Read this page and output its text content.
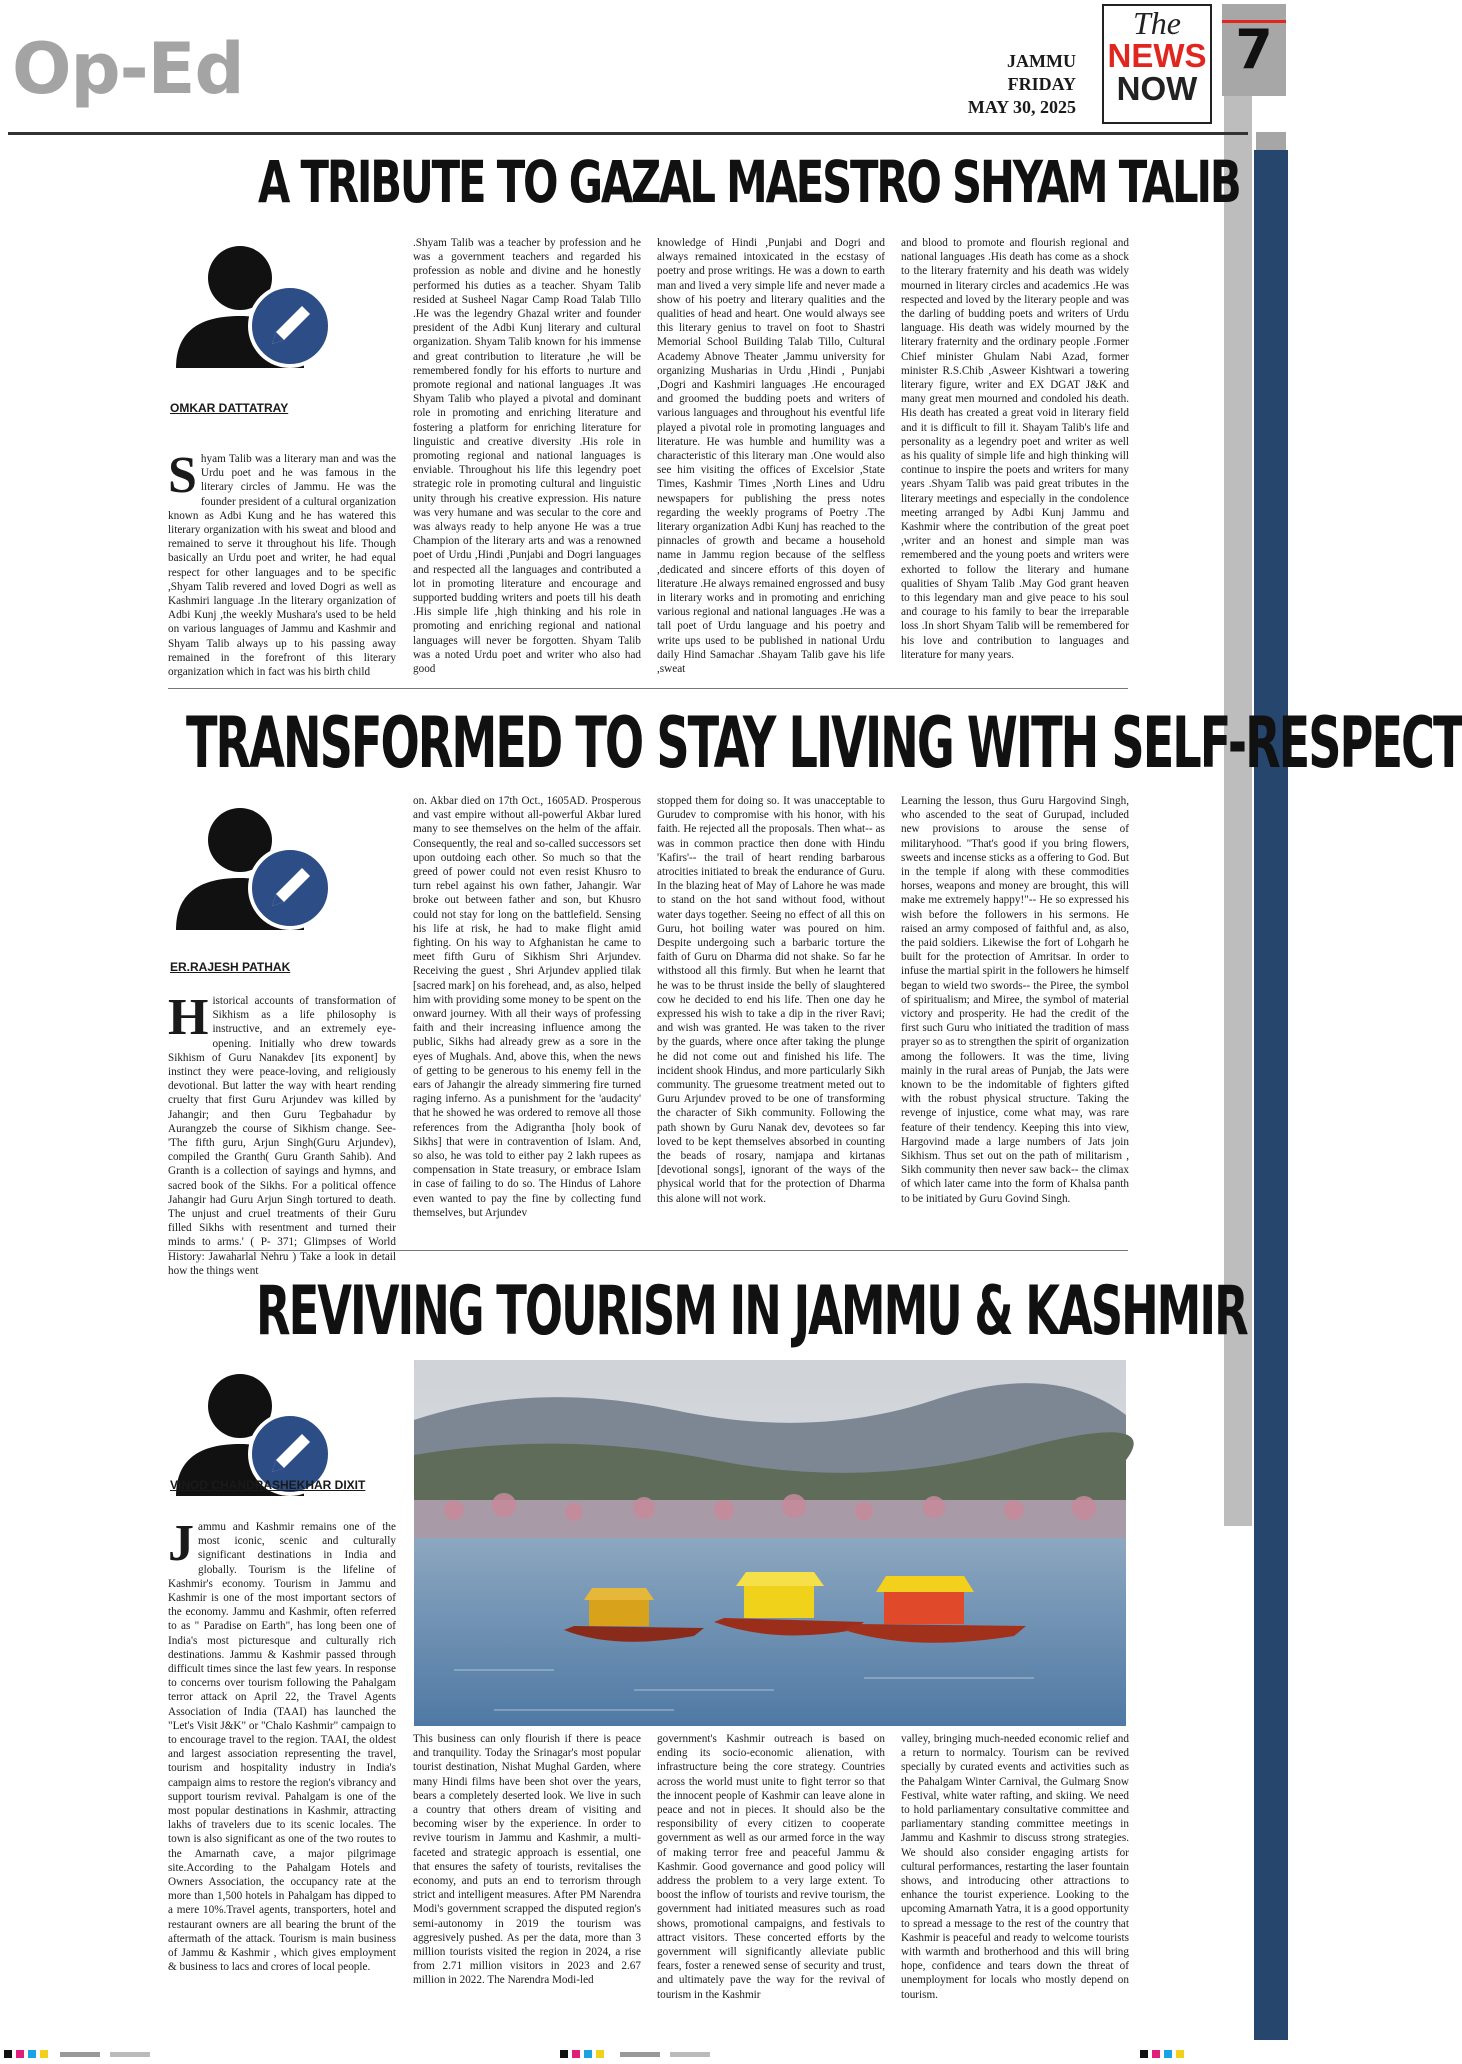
Op-Ed	JAMMU
FRIDAY
MAY 30, 2025
The
NEWS
NOW
7
A TRIBUTE TO GAZAL MAESTRO SHYAM TALIB
OMKAR DATTATRAY
Shyam Talib was a literary man and was the Urdu poet and he was famous in the literary circles of Jammu. He was the founder president of a cultural organization known as Adbi Kung and he has watered this literary organization with his sweat and blood and remained to serve it throughout his life. Though basically an Urdu poet and writer, he had equal respect for other languages and to be specific ,Shyam Talib revered and loved Dogri as well as Kashmiri language .In the literary organization of Adbi Kunj ,the weekly Mushara's used to be held on various languages of Jammu and Kashmir and Shyam Talib always up to his passing away remained in the forefront of this literary organization which in fact was his birth child
.Shyam Talib was a teacher by profession and he was a government teachers and regarded his profession as noble and divine and he honestly performed his duties as a teacher. Shyam Talib resided at Susheel Nagar Camp Road Talab Tillo .He was the legendry Ghazal writer and founder president of the Adbi Kunj literary and cultural organization. Shyam Talib known for his immense and great contribution to literature ,he will be remembered fondly for his efforts to nurture and promote regional and national languages .It was Shyam Talib who played a pivotal and dominant role in promoting and enriching literature and fostering a platform for enriching literature for linguistic and creative diversity .His role in promoting regional and national languages is enviable. Throughout his life this legendry poet strategic role in promoting cultural and linguistic unity through his creative expression. His nature was very humane and was secular to the core and was always ready to help anyone He was a true Champion of the literary arts and was a renowned poet of Urdu ,Hindi ,Punjabi and Dogri languages and respected all the languages and contributed a lot in promoting literature and encourage and supported budding writers and poets till his death .His simple life ,high thinking and his role in promoting and enriching regional and national languages will never be forgotten. Shyam Talib was a noted Urdu poet and writer who also had good
knowledge of Hindi ,Punjabi and Dogri and always remained intoxicated in the ecstasy of poetry and prose writings. He was a down to earth man and lived a very simple life and never made a show of his poetry and literary qualities and the qualities of head and heart. One would always see this literary genius to travel on foot to Shastri Memorial School Building Talab Tillo, Cultural Academy Abnove Theater ,Jammu university for organizing Musharias in Urdu ,Hindi , Punjabi ,Dogri and Kashmiri languages .He encouraged and groomed the budding poets and writers of various languages and throughout his eventful life played a pivotal role in promoting languages and literature. He was humble and humility was a characteristic of this literary man .One would also see him visiting the offices of Excelsior ,State Times, Kashmir Times ,North Lines and Udru newspapers for publishing the press notes regarding the weekly programs of Poetry .The literary organization Adbi Kunj has reached to the pinnacles of growth and became a household name in Jammu region because of the selfless ,dedicated and sincere efforts of this doyen of literature .He always remained engrossed and busy in literary works and in promoting and enriching various regional and national languages .He was a tall poet of Urdu language and his poetry and write ups used to be published in national Urdu daily Hind Samachar .Shayam Talib gave his life ,sweat
and blood to promote and flourish regional and national languages .His death has come as a shock to the literary fraternity and his death was widely mourned in literary circles and academics .He was respected and loved by the literary people and was the darling of budding poets and writers of Urdu language. His death was widely mourned by the literary fraternity and the ordinary people .Former Chief minister Ghulam Nabi Azad, former minister R.S.Chib ,Asweer Kishtwari a towering literary figure, writer and EX DGAT J&K and many great men mourned and condoled his death. His death has created a great void in literary field and it is difficult to fill it. Shayam Talib's life and personality as a legendry poet and writer as well as his quality of simple life and high thinking will continue to inspire the poets and writers for many years .Shyam Talib was paid great tributes in the literary meetings and especially in the condolence meeting arranged by Adbi Kunj Jammu and Kashmir where the contribution of the great poet ,writer and an honest and simple man was remembered and the young poets and writers were exhorted to follow the literary and humane qualities of Shyam Talib .May God grant heaven to this legendary man and give peace to his soul and courage to his family to bear the irreparable loss .In short Shyam Talib will be remembered for his love and contribution to languages and literature for many years.
TRANSFORMED TO STAY LIVING WITH SELF-RESPECT
ER.RAJESH PATHAK
Historical accounts of transformation of Sikhism as a life philosophy is instructive, and an extremely eye-opening. Initially who drew towards Sikhism of Guru Nanakdev [its exponent] by instinct they were peace-loving, and religiously devotional. But latter the way with heart rending cruelty that first Guru Arjundev was killed by Jahangir; and then Guru Tegbahadur by Aurangzeb the course of Sikhism change. See- 'The fifth guru, Arjun Singh(Guru Arjundev), compiled the Granth( Guru Granth Sahib). And Granth is a collection of sayings and hymns, and sacred book of the Sikhs. For a political offence Jahangir had Guru Arjun Singh tortured to death. The unjust and cruel treatments of their Guru filled Sikhs with resentment and turned their minds to arms.' ( P- 371; Glimpses of World History: Jawaharlal Nehru ) Take a look in detail how the things went
on. Akbar died on 17th Oct., 1605AD. Prosperous and vast empire without all-powerful Akbar lured many to see themselves on the helm of the affair. Consequently, the real and so-called successors set upon outdoing each other. So much so that the greed of power could not even resist Khusro to turn rebel against his own father, Jahangir. War broke out between father and son, but Khusro could not stay for long on the battlefield. Sensing his life at risk, he had to make flight amid fighting. On his way to Afghanistan he came to meet fifth Guru of Sikhism Shri Arjundev. Receiving the guest , Shri Arjundev applied tilak [sacred mark] on his forehead, and, as also, helped him with providing some money to be spent on the onward journey. With all their ways of professing faith and their increasing influence among the public, Sikhs had already grew as a sore in the eyes of Mughals. And, above this, when the news of getting to be generous to his enemy fell in the ears of Jahangir the already simmering fire turned raging inferno. As a punishment for the 'audacity' that he showed he was ordered to remove all those references from the Adigrantha [holy book of Sikhs] that were in contravention of Islam. And, so also, he was told to either pay 2 lakh rupees as compensation in State treasury, or embrace Islam in case of failing to do so. The Hindus of Lahore even wanted to pay the fine by collecting fund themselves, but Arjundev
stopped them for doing so. It was unacceptable to Gurudev to compromise with his honor, with his faith. He rejected all the proposals. Then what-- as was in common practice then done with Hindu 'Kafirs'-- the trail of heart rending barbarous atrocities initiated to break the endurance of Guru. In the blazing heat of May of Lahore he was made to stand on the hot sand without food, without water days together. Seeing no effect of all this on Guru, hot boiling water was poured on him. Despite undergoing such a barbaric torture the faith of Guru on Dharma did not shake. So far he withstood all this firmly. But when he learnt that he was to be thrust inside the belly of slaughtered cow he decided to end his life. Then one day he expressed his wish to take a dip in the river Ravi; and wish was granted. He was taken to the river by the guards, where once after taking the plunge he did not come out and finished his life. The incident shook Hindus, and more particularly Sikh community. The gruesome treatment meted out to Guru Arjundev proved to be one of transforming the character of Sikh community. Following the path shown by Guru Nanak dev, devotees so far loved to be kept themselves absorbed in counting the beads of rosary, namjapa and kirtanas [devotional songs], ignorant of the ways of the physical world that for the protection of Dharma this alone will not work.
Learning the lesson, thus Guru Hargovind Singh, who ascended to the seat of Gurupad, included new provisions to arouse the sense of militaryhood. "That's good if you bring flowers, sweets and incense sticks as a offering to God. But in the temple if along with these commodities horses, weapons and money are brought, this will make me extremely happy!"-- He so expressed his wish before the followers in his sermons. He raised an army composed of faithful and, as also, the paid soldiers. Likewise the fort of Lohgarh he built for the protection of Amritsar. In order to infuse the martial spirit in the followers he himself began to wield two swords-- the Piree, the symbol of spiritualism; and Miree, the symbol of material victory and prosperity. He had the credit of the first such Guru who initiated the tradition of mass prayer so as to strengthen the spirit of organization among the followers. It was the time, living mainly in the rural areas of Punjab, the Jats were known to be the indomitable of fighters gifted with the robust physical structure. Taking the revenge of injustice, come what may, was rare feature of their tendency. Keeping this into view, Hargovind made a large numbers of Jats join Sikhism. Thus set out on the path of militarism , Sikh community then never saw back-- the climax of which later came into the form of Khalsa panth to be initiated by Guru Govind Singh.
REVIVING TOURISM IN JAMMU & KASHMIR
VINOD CHANDRASHEKHAR DIXIT
Jammu and Kashmir remains one of the most iconic, scenic and culturally significant destinations in India and globally. Tourism is the lifeline of Kashmir's economy. Tourism in Jammu and Kashmir is one of the most important sectors of the economy. Jammu and Kashmir, often referred to as " Paradise on Earth", has long been one of India's most picturesque and culturally rich destinations. Jammu & Kashmir passed through difficult times since the last few years. In response to concerns over tourism following the Pahalgam terror attack on April 22, the Travel Agents Association of India (TAAI) has launched the "Let's Visit J&K" or "Chalo Kashmir" campaign to to encourage travel to the region. TAAI, the oldest and largest association representing the travel, tourism and hospitality industry in India's campaign aims to restore the region's vibrancy and support tourism revival. Pahalgam is one of the most popular destinations in Kashmir, attracting lakhs of travelers due to its scenic locales. The town is also significant as one of the two routes to the Amarnath cave, a major pilgrimage site.According to the Pahalgam Hotels and Owners Association, the occupancy rate at the more than 1,500 hotels in Pahalgam has dipped to a mere 10%.Travel agents, transporters, hotel and restaurant owners are all bearing the brunt of the aftermath of the attack. Tourism is main business of Jammu & Kashmir , which gives employment & business to lacs and crores of local people.
This business can only flourish if there is peace and tranquility. Today the Srinagar's most popular tourist destination, Nishat Mughal Garden, where many Hindi films have been shot over the years, bears a completely deserted look. We live in such a country that others dream of visiting and becoming wiser by the experience. In order to revive tourism in Jammu and Kashmir, a multi-faceted and strategic approach is essential, one that ensures the safety of tourists, revitalises the economy, and puts an end to terrorism through strict and intelligent measures. After PM Narendra Modi's government scrapped the disputed region's semi-autonomy in 2019 the tourism was aggresively pushed. As per the data, more than 3 million tourists visited the region in 2024, a rise from 2.71 million visitors in 2023 and 2.67 million in 2022. The Narendra Modi-led
government's Kashmir outreach is based on ending its socio-economic alienation, with infrastructure being the core strategy. Countries across the world must unite to fight terror so that the innocent people of Kashmir can leave alone in peace and not in pieces. It should also be the responsibility of every citizen to cooperate government as well as our armed force in the way of making terror free and peaceful Jammu & Kashmir. Good governance and good policy will address the problem to a very large extent. To boost the inflow of tourists and revive tourism, the government had initiated measures such as road shows, promotional campaigns, and festivals to attract visitors. These concerted efforts by the government will significantly alleviate public fears, foster a renewed sense of security and trust, and ultimately pave the way for the revival of tourism in the Kashmir
valley, bringing much-needed economic relief and a return to normalcy. Tourism can be revived specially by curated events and activities such as the Pahalgam Winter Carnival, the Gulmarg Snow Festival, white water rafting, and skiing. We need to hold parliamentary consultative committee and parliamentary standing committee meetings in Jammu and Kashmir to discuss strong strategies. We should also consider engaging artists for cultural performances, restarting the laser fountain shows, and introducing other attractions to enhance the tourist experience. Looking to the upcoming Amarnath Yatra, it is a good opportunity to spread a message to the rest of the country that Kashmir is peaceful and ready to welcome tourists with warmth and brotherhood and this will bring hope, confidence and tears down the threat of unemployment for locals who mostly depend on tourism.
